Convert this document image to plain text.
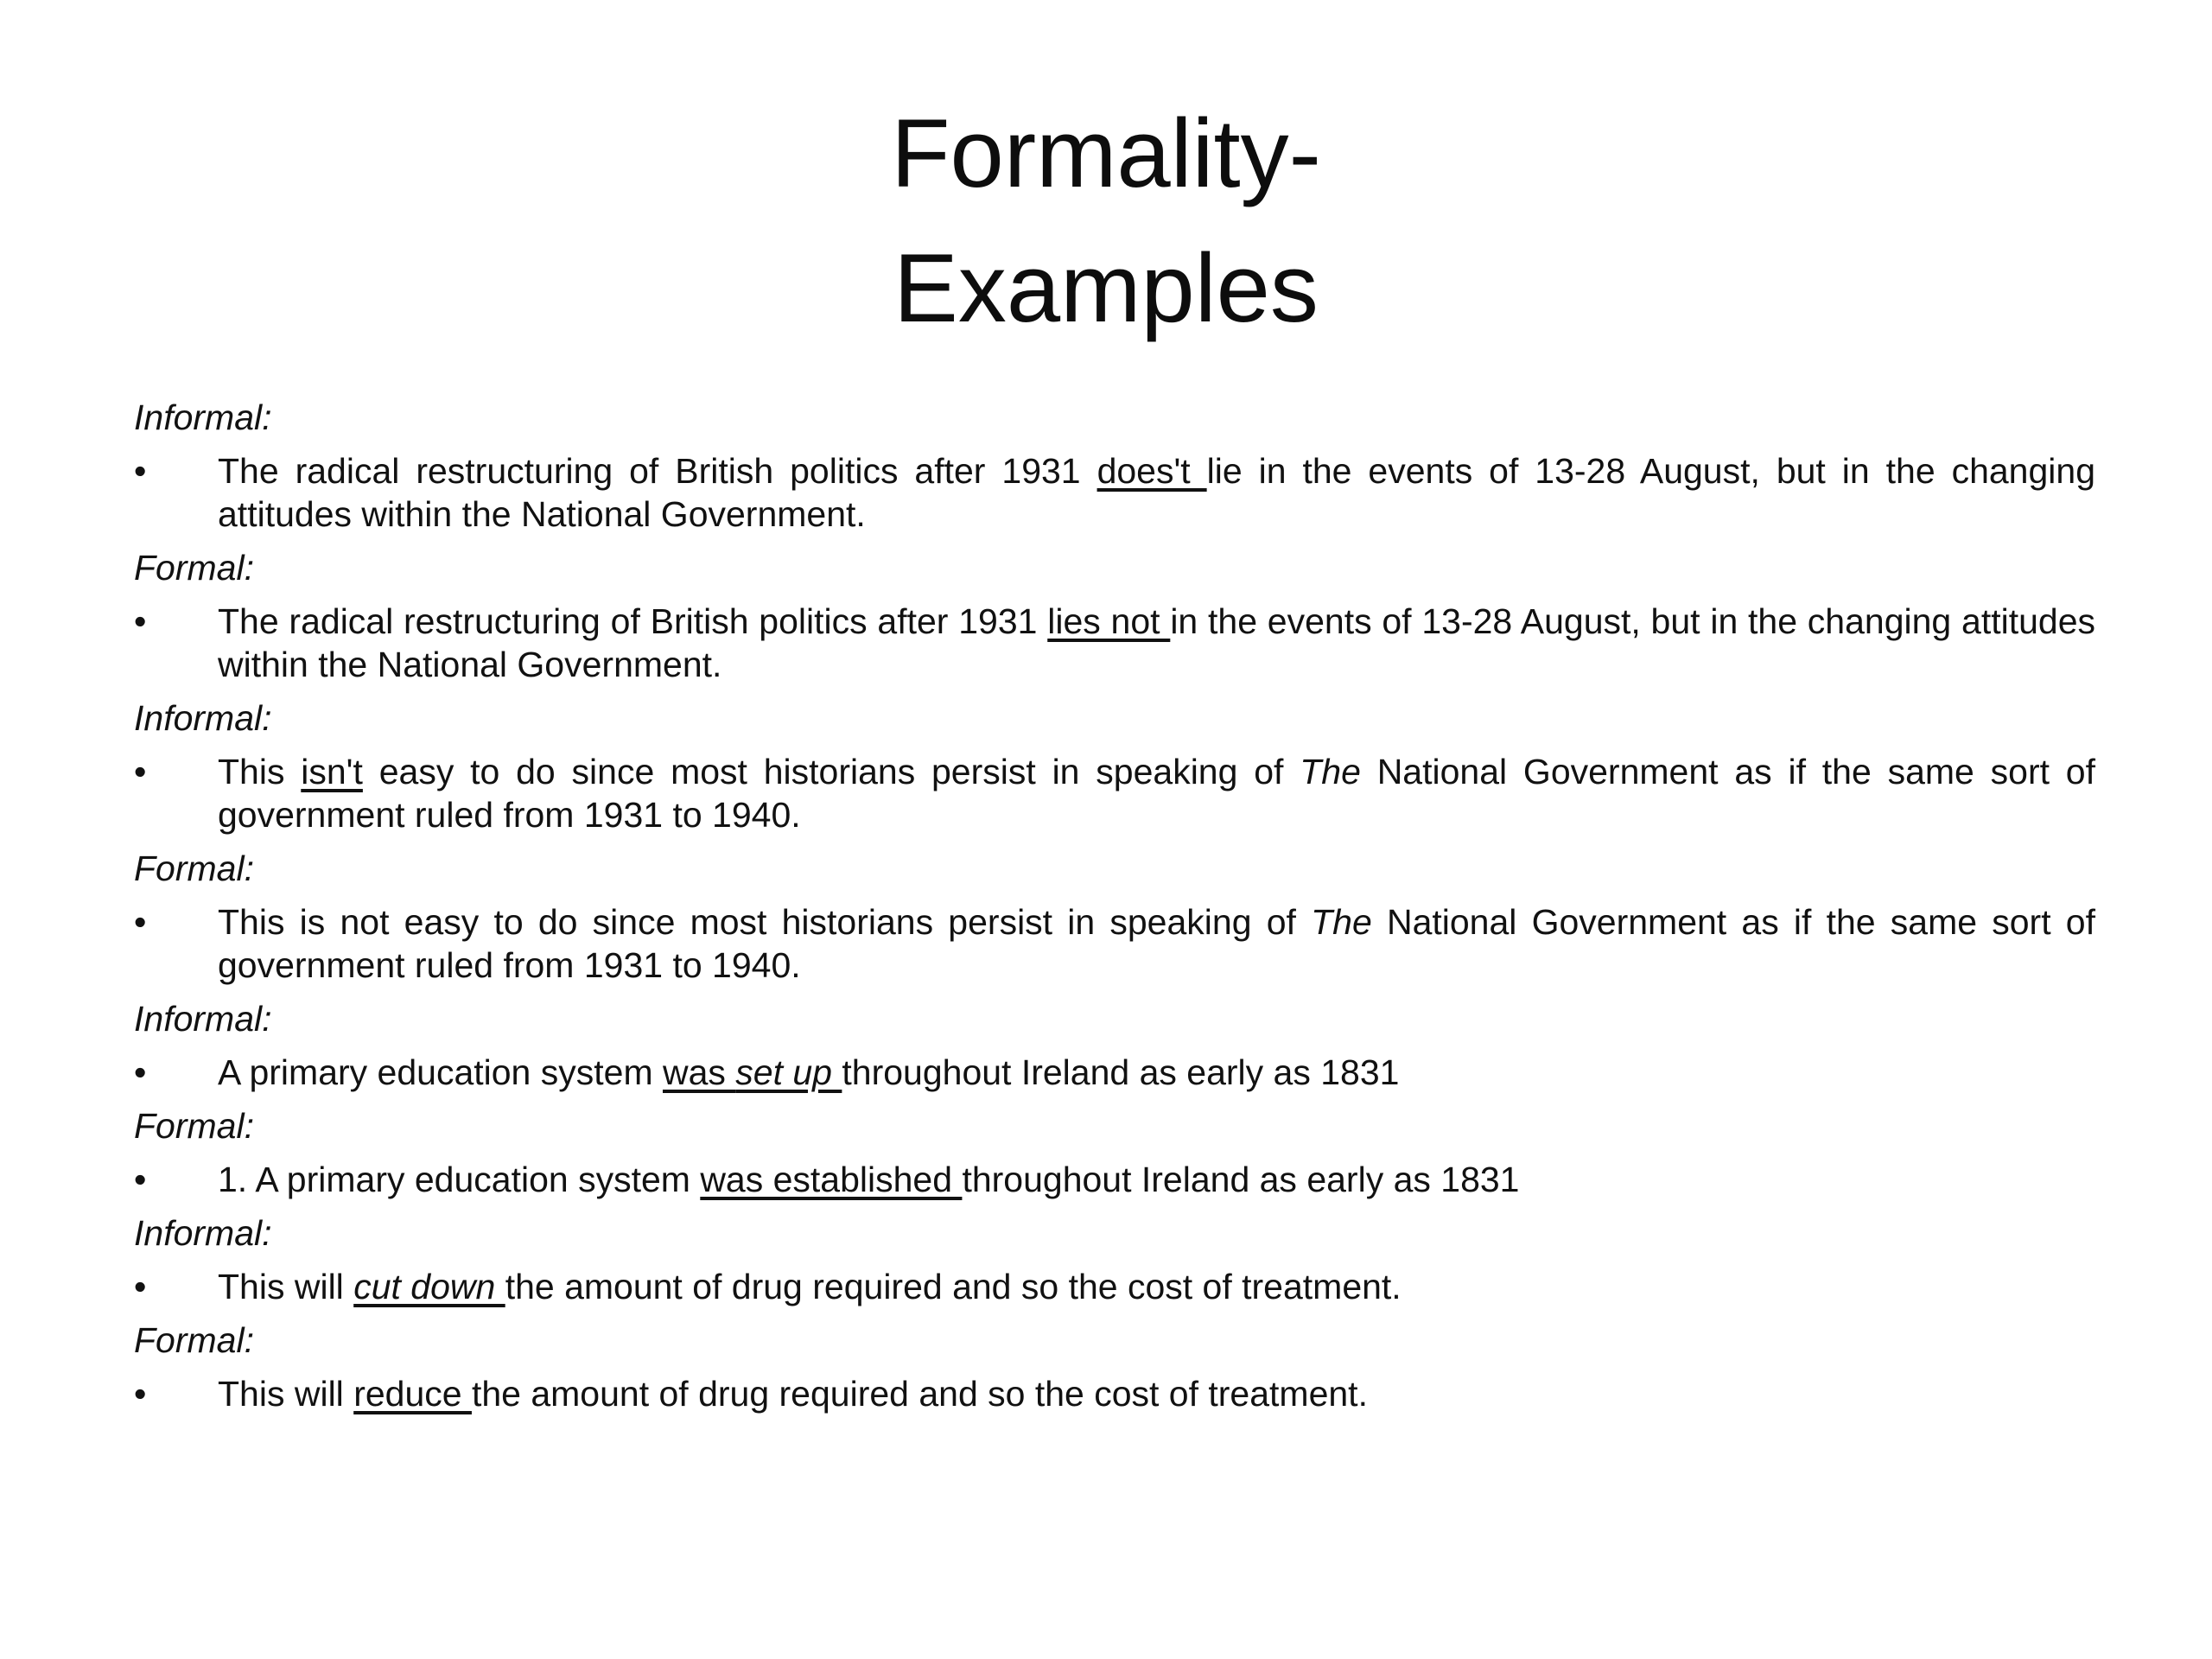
Formality-
Examples
Informal:
•	The radical restructuring of British politics after 1931 does't lie in the events of 13-28 August, but in the changing attitudes within the National Government.
Formal:
•	The radical restructuring of British politics after 1931 lies not in the events of 13-28 August, but in the changing attitudes within the National Government.
Informal:
•	This isn't easy to do since most historians persist in speaking of The National Government as if the same sort of government ruled from 1931 to 1940.
Formal:
•	This is not easy to do since most historians persist in speaking of The National Government as if the same sort of government ruled from 1931 to 1940.
Informal:
•	A primary education system was set up throughout Ireland as early as 1831
Formal:
•	1. A primary education system was established throughout Ireland as early as 1831
Informal:
•	This will cut down the amount of drug required and so the cost of treatment.
Formal:
•	This will reduce the amount of drug required and so the cost of treatment.
